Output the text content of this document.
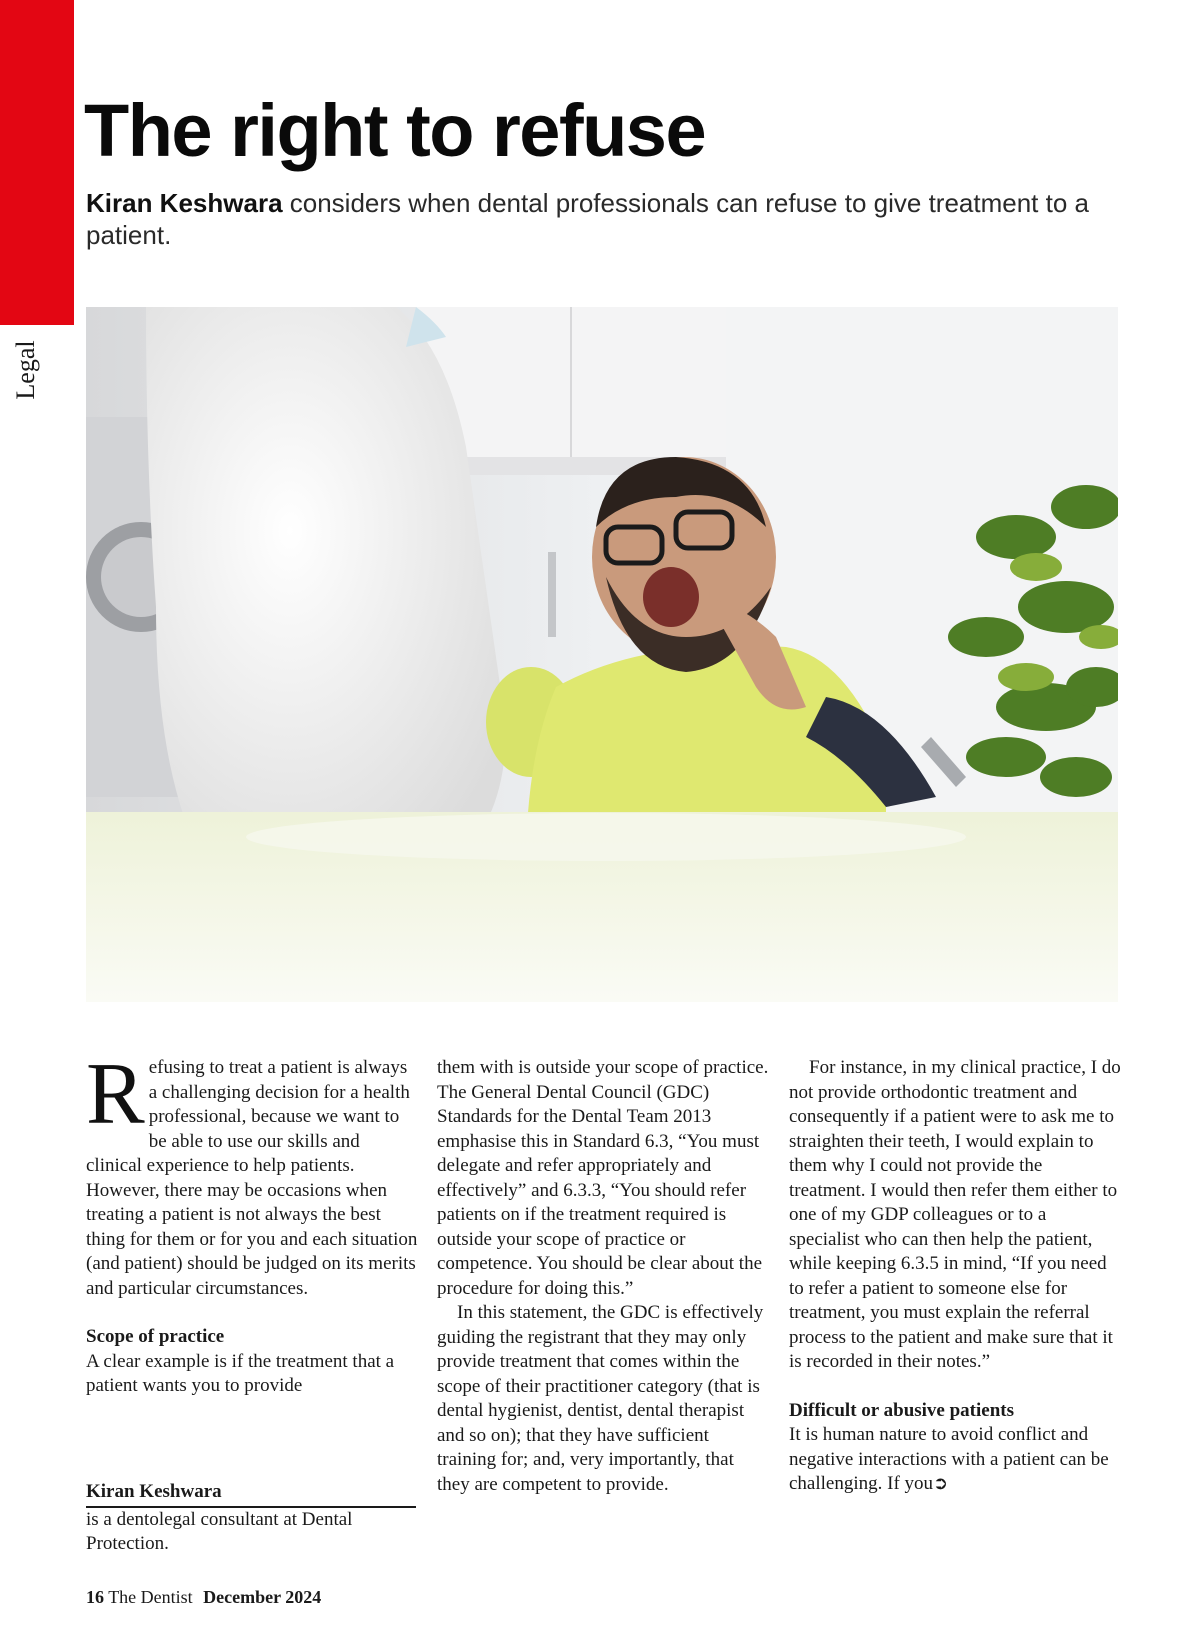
Legal
The right to refuse

Kiran Keshwara considers when dental professionals can refuse to give treatment to a patient.

Refusing to treat a patient is always a challenging decision for a health professional, because we want to be able to use our skills and clinical experience to help patients. However, there may be occasions when treating a patient is not always the best thing for them or for you and each situation (and patient) should be judged on its merits and particular circumstances.

Scope of practice

A clear example is if the treatment that a patient wants you to provide

Kiran Keshwara
is a dentolegal consultant at Dental Protection.

them with is outside your scope of practice. The General Dental Council (GDC) Standards for the Dental Team 2013 emphasise this in Standard 6.3, “You must delegate and refer appropriately and effectively” and 6.3.3, “You should refer patients on if the treatment required is outside your scope of practice or competence. You should be clear about the procedure for doing this.”

In this statement, the GDC is effectively guiding the registrant that they may only provide treatment that comes within the scope of their practitioner category (that is dental hygienist, dentist, dental therapist and so on); that they have sufficient training for; and, very importantly, that they are competent to provide.

For instance, in my clinical practice, I do not provide orthodontic treatment and consequently if a patient were to ask me to straighten their teeth, I would explain to them why I could not provide the treatment. I would then refer them either to one of my GDP colleagues or to a specialist who can then help the patient, while keeping 6.3.5 in mind, “If you need to refer a patient to someone else for treatment, you must explain the referral process to the patient and make sure that it is recorded in their notes.”

Difficult or abusive patients

It is human nature to avoid conflict and negative interactions with a patient can be challenging. If you➲

16 The Dentist December 2024
